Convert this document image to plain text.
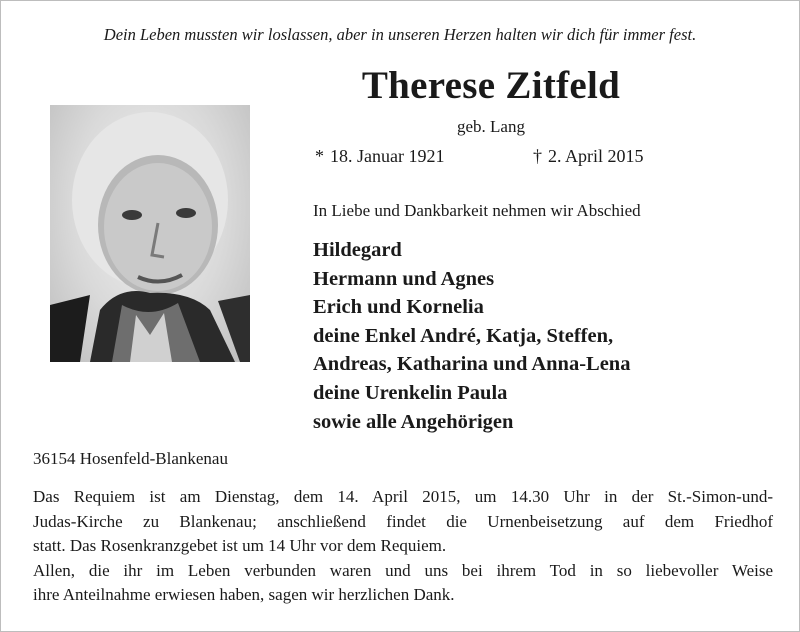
Dein Leben mussten wir loslassen, aber in unseren Herzen halten wir dich für immer fest.
Therese Zitfeld
geb. Lang
* 18. Januar 1921	† 2. April 2015
In Liebe und Dankbarkeit nehmen wir Abschied
Hildegard
Hermann und Agnes
Erich und Kornelia
deine Enkel André, Katja, Steffen,
Andreas, Katharina und Anna-Lena
deine Urenkelin Paula
sowie alle Angehörigen
36154 Hosenfeld-Blankenau

Das Requiem ist am Dienstag, dem 14. April 2015, um 14.30 Uhr in der St.-Simon-und-

Judas-Kirche zu Blankenau; anschließend findet die Urnenbeisetzung auf dem Friedhof

statt. Das Rosenkranzgebet ist um 14 Uhr vor dem Requiem.

Allen, die ihr im Leben verbunden waren und uns bei ihrem Tod in so liebevoller Weise

ihre Anteilnahme erwiesen haben, sagen wir herzlichen Dank.
